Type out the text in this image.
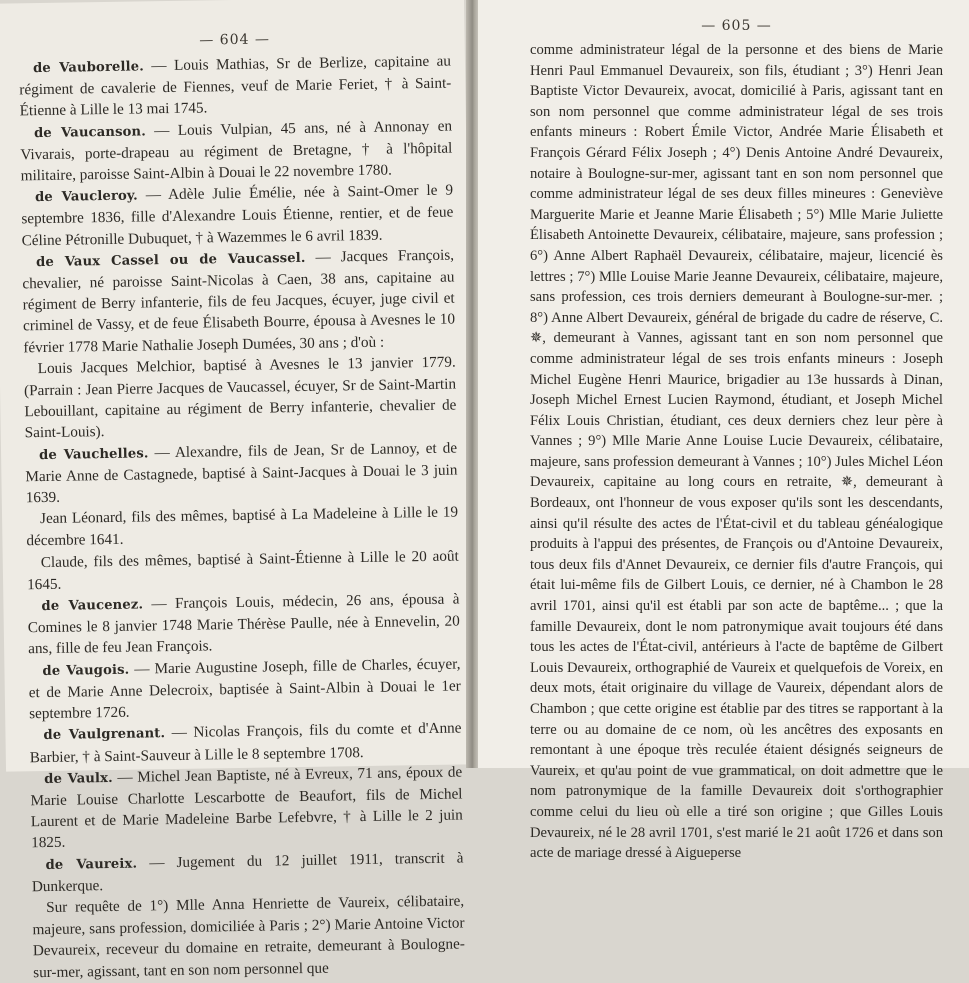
— 604 —

de Vauborelle. — Louis Mathias, Sr de Berlize, capitaine au régiment de cavalerie de Fiennes, veuf de Marie Feriet, † à Saint-Étienne à Lille le 13 mai 1745.

de Vaucanson. — Louis Vulpian, 45 ans, né à Annonay en Vivarais, porte-drapeau au régiment de Bretagne, † à l'hôpital militaire, paroisse Saint-Albin à Douai le 22 novembre 1780.

de Vaucleroy. — Adèle Julie Émélie, née à Saint-Omer le 9 septembre 1836, fille d'Alexandre Louis Étienne, rentier, et de feue Céline Pétronille Dubuquet, † à Wazemmes le 6 avril 1839.

de Vaux Cassel ou de Vaucassel. — Jacques François, chevalier, né paroisse Saint-Nicolas à Caen, 38 ans, capitaine au régiment de Berry infanterie, fils de feu Jacques, écuyer, juge civil et criminel de Vassy, et de feue Élisabeth Bourre, épousa à Avesnes le 10 février 1778 Marie Nathalie Joseph Dumées, 30 ans ; d'où :

Louis Jacques Melchior, baptisé à Avesnes le 13 janvier 1779. (Parrain : Jean Pierre Jacques de Vaucassel, écuyer, Sr de Saint-Martin Lebouillant, capitaine au régiment de Berry infanterie, chevalier de Saint-Louis).

de Vauchelles. — Alexandre, fils de Jean, Sr de Lannoy, et de Marie Anne de Castagnede, baptisé à Saint-Jacques à Douai le 3 juin 1639.

Jean Léonard, fils des mêmes, baptisé à La Madeleine à Lille le 19 décembre 1641.

Claude, fils des mêmes, baptisé à Saint-Étienne à Lille le 20 août 1645.

de Vaucenez. — François Louis, médecin, 26 ans, épousa à Comines le 8 janvier 1748 Marie Thérèse Paulle, née à Ennevelin, 20 ans, fille de feu Jean François.

de Vaugois. — Marie Augustine Joseph, fille de Charles, écuyer, et de Marie Anne Delecroix, baptisée à Saint-Albin à Douai le 1er septembre 1726.

de Vaulgrenant. — Nicolas François, fils du comte et d'Anne Barbier, † à Saint-Sauveur à Lille le 8 septembre 1708.

de Vaulx. — Michel Jean Baptiste, né à Evreux, 71 ans, époux de Marie Louise Charlotte Lescarbotte de Beaufort, fils de Michel Laurent et de Marie Madeleine Barbe Lefebvre, † à Lille le 2 juin 1825.

de Vaureix. — Jugement du 12 juillet 1911, transcrit à Dunkerque.

Sur requête de 1°) Mlle Anna Henriette de Vaureix, célibataire, majeure, sans profession, domiciliée à Paris ; 2°) Marie Antoine Victor Devaureix, receveur du domaine en retraite, demeurant à Boulogne-sur-mer, agissant, tant en son nom personnel que

— 605 —

comme administrateur légal de la personne et des biens de Marie Henri Paul Emmanuel Devaureix, son fils, étudiant ; 3°) Henri Jean Baptiste Victor Devaureix, avocat, domicilié à Paris, agissant tant en son nom personnel que comme administrateur légal de ses trois enfants mineurs : Robert Émile Victor, Andrée Marie Élisabeth et François Gérard Félix Joseph ; 4°) Denis Antoine André Devaureix, notaire à Boulogne-sur-mer, agissant tant en son nom personnel que comme administrateur légal de ses deux filles mineures : Geneviève Marguerite Marie et Jeanne Marie Élisabeth ; 5°) Mlle Marie Juliette Élisabeth Antoinette Devaureix, célibataire, majeure, sans profession ; 6°) Anne Albert Raphaël Devaureix, célibataire, majeur, licencié ès lettres ; 7°) Mlle Louise Marie Jeanne Devaureix, célibataire, majeure, sans profession, ces trois derniers demeurant à Boulogne-sur-mer. ; 8°) Anne Albert Devaureix, général de brigade du cadre de réserve, C. ✵, demeurant à Vannes, agissant tant en son nom personnel que comme administrateur légal de ses trois enfants mineurs : Joseph Michel Eugène Henri Maurice, brigadier au 13e hussards à Dinan, Joseph Michel Ernest Lucien Raymond, étudiant, et Joseph Michel Félix Louis Christian, étudiant, ces deux derniers chez leur père à Vannes ; 9°) Mlle Marie Anne Louise Lucie Devaureix, célibataire, majeure, sans profession demeurant à Vannes ; 10°) Jules Michel Léon Devaureix, capitaine au long cours en retraite, ✵, demeurant à Bordeaux, ont l'honneur de vous exposer qu'ils sont les descendants, ainsi qu'il résulte des actes de l'État-civil et du tableau généalogique produits à l'appui des présentes, de François ou d'Antoine Devaureix, tous deux fils d'Annet Devaureix, ce dernier fils d'autre François, qui était lui-même fils de Gilbert Louis, ce dernier, né à Chambon le 28 avril 1701, ainsi qu'il est établi par son acte de baptême... ; que la famille Devaureix, dont le nom patronymique avait toujours été dans tous les actes de l'État-civil, antérieurs à l'acte de baptême de Gilbert Louis Devaureix, orthographié de Vaureix et quelquefois de Voreix, en deux mots, était originaire du village de Vaureix, dépendant alors de Chambon ; que cette origine est établie par des titres se rapportant à la terre ou au domaine de ce nom, où les ancêtres des exposants en remontant à une époque très reculée étaient désignés seigneurs de Vaureix, et qu'au point de vue grammatical, on doit admettre que le nom patronymique de la famille Devaureix doit s'orthographier comme celui du lieu où elle a tiré son origine ; que Gilles Louis Devaureix, né le 28 avril 1701, s'est marié le 21 août 1726 et dans son acte de mariage dressé à Aigueperse
